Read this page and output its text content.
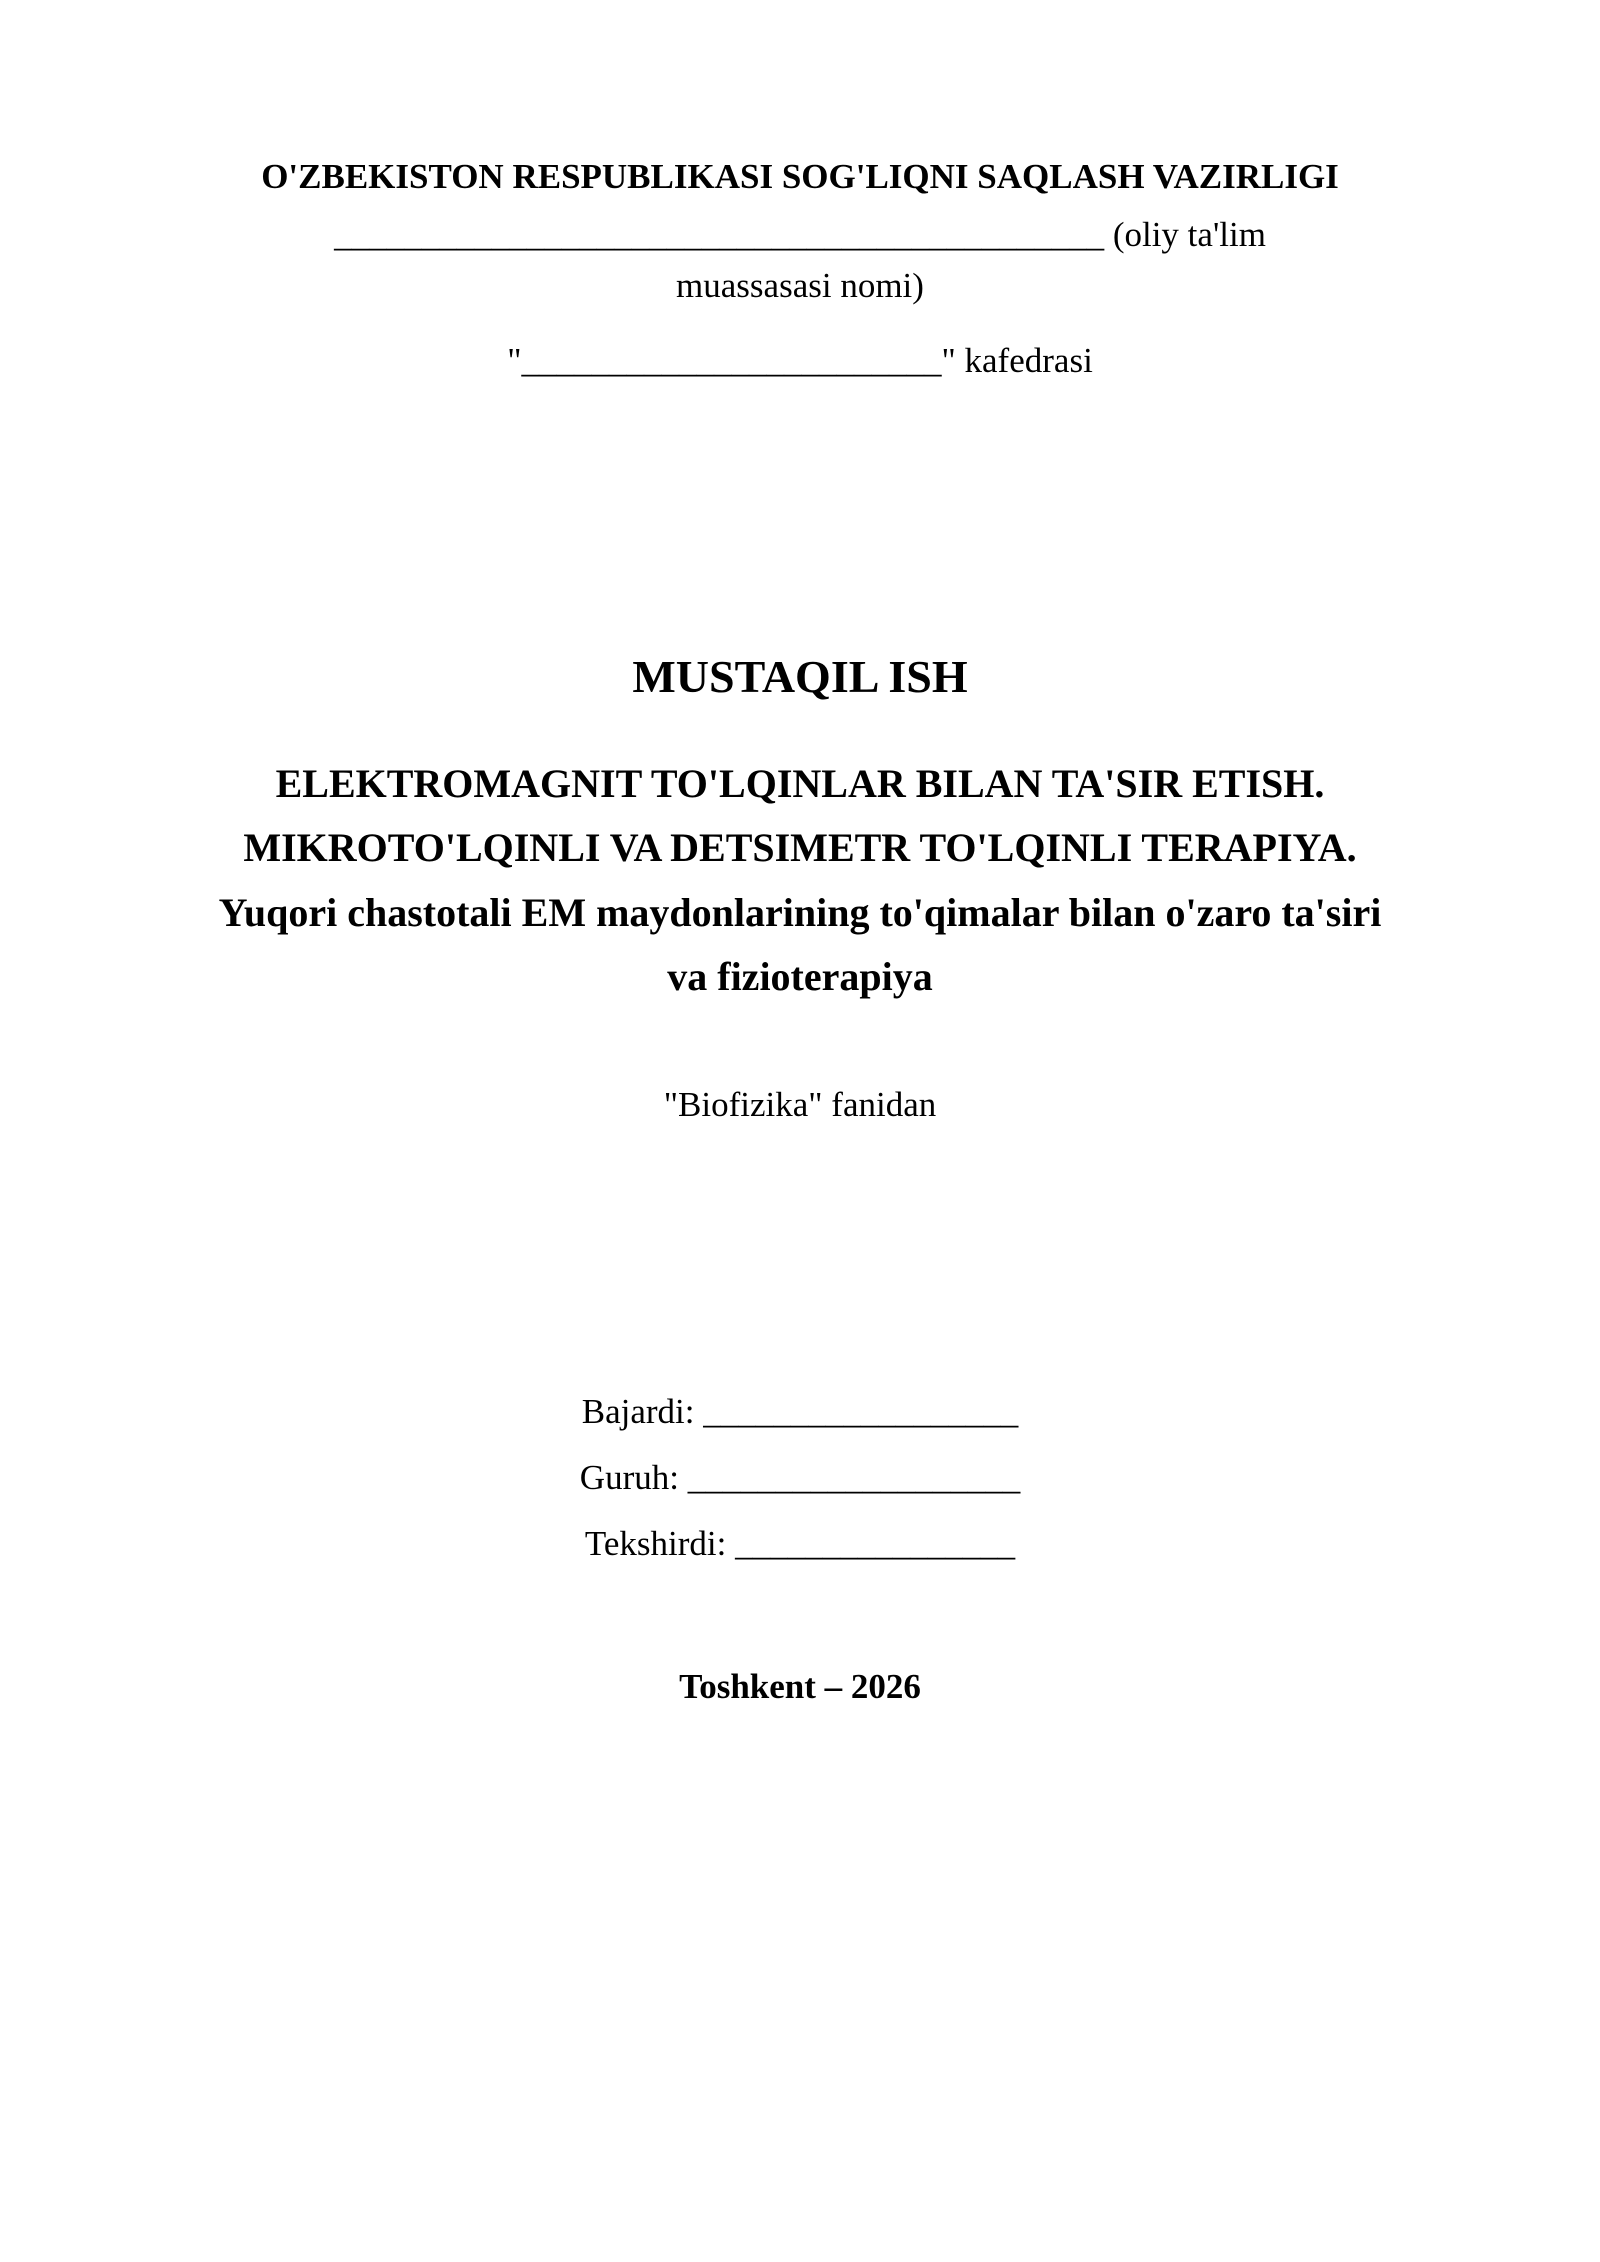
O'ZBEKISTON RESPUBLIKASI SOG'LIQNI SAQLASH VAZIRLIGI
____________________________________________ (oliy ta'lim
muassasasi nomi)
"________________________" kafedrasi
MUSTAQIL ISH
ELEKTROMAGNIT TO'LQINLAR BILAN TA'SIR ETISH.
MIKROTO'LQINLI VA DETSIMETR TO'LQINLI TERAPIYA.
Yuqori chastotali EM maydonlarining to'qimalar bilan o'zaro ta'siri
va fizioterapiya
"Biofizika" fanidan
Bajardi: __________________
Guruh: ___________________
Tekshirdi: ________________
Toshkent – 2026
